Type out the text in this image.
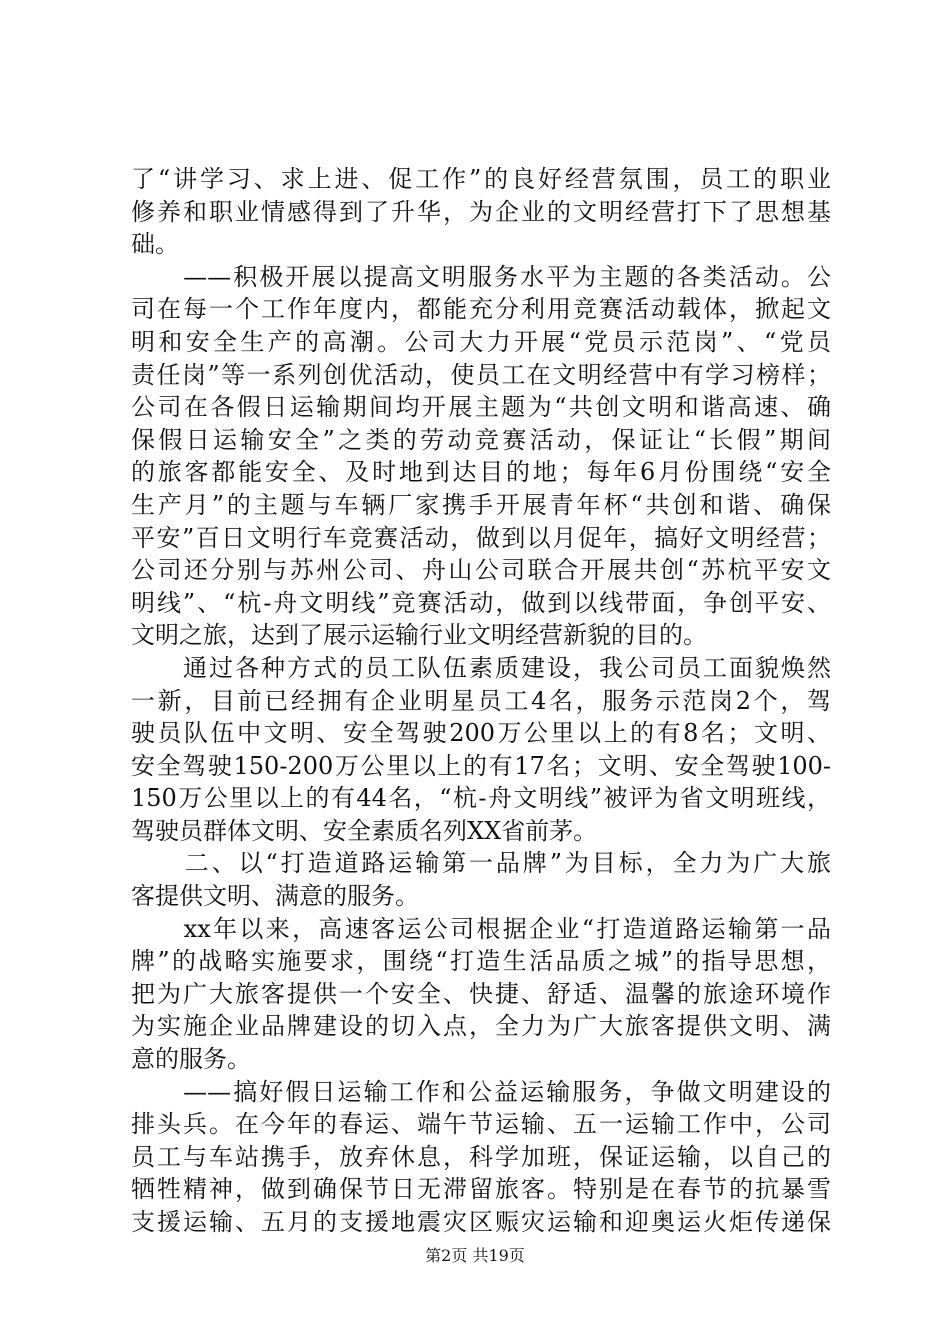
了“讲学习、求上进、促工作”的良好经营氛围，员工的职业
修养和职业情感得到了升华，为企业的文明经营打下了思想基
础。
　　——积极开展以提高文明服务水平为主题的各类活动。公
司在每一个工作年度内，都能充分利用竞赛活动载体，掀起文
明和安全生产的高潮。公司大力开展“党员示范岗”、“党员
责任岗”等一系列创优活动，使员工在文明经营中有学习榜样；
公司在各假日运输期间均开展主题为“共创文明和谐高速、确
保假日运输安全”之类的劳动竞赛活动，保证让“长假”期间
的旅客都能安全、及时地到达目的地；每年6月份围绕“安全
生产月”的主题与车辆厂家携手开展青年杯“共创和谐、确保
平安”百日文明行车竞赛活动，做到以月促年，搞好文明经营；
公司还分别与苏州公司、舟山公司联合开展共创“苏杭平安文
明线”、“杭-舟文明线”竞赛活动，做到以线带面，争创平安、
文明之旅，达到了展示运输行业文明经营新貌的目的。
　　通过各种方式的员工队伍素质建设，我公司员工面貌焕然
一新，目前已经拥有企业明星员工4名，服务示范岗2个，驾
驶员队伍中文明、安全驾驶200万公里以上的有8名；文明、
安全驾驶150-200万公里以上的有17名；文明、安全驾驶100-
150万公里以上的有44名，“杭-舟文明线”被评为省文明班线，
驾驶员群体文明、安全素质名列XX省前茅。
　　二、以“打造道路运输第一品牌”为目标，全力为广大旅
客提供文明、满意的服务。
　　xx年以来，高速客运公司根据企业“打造道路运输第一品
牌”的战略实施要求，围绕“打造生活品质之城”的指导思想，
把为广大旅客提供一个安全、快捷、舒适、温馨的旅途环境作
为实施企业品牌建设的切入点，全力为广大旅客提供文明、满
意的服务。
　　——搞好假日运输工作和公益运输服务，争做文明建设的
排头兵。在今年的春运、端午节运输、五一运输工作中，公司
员工与车站携手，放弃休息，科学加班，保证运输，以自己的
牺牲精神，做到确保节日无滞留旅客。特别是在春节的抗暴雪
支援运输、五月的支援地震灾区赈灾运输和迎奥运火炬传递保
第2页 共19页
